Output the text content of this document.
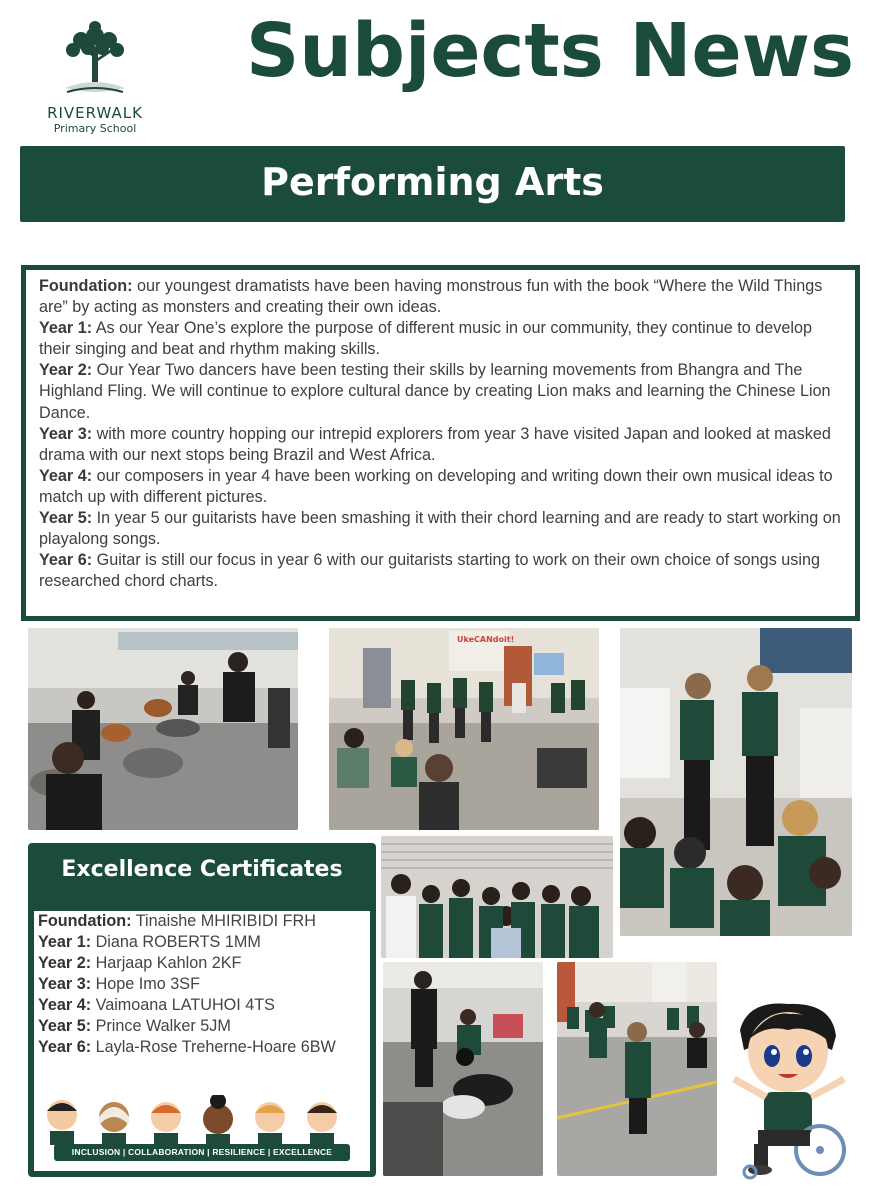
RIVERWALK
Primary School
Subjects News
Performing Arts

Foundation: our youngest dramatists have been having monstrous fun with the book “Where the Wild Things are” by acting as monsters and creating their own ideas.

Year 1: As our Year One’s explore the purpose of different music in our community, they continue to develop their singing and beat and rhythm making skills.

Year 2: Our Year Two dancers have been testing their skills by learning movements from Bhangra and The Highland Fling. We will continue to explore cultural dance by creating Lion maks and learning the Chinese Lion Dance.

Year 3: with more country hopping our intrepid explorers from year 3 have visited Japan and looked at masked drama with our next stops being Brazil and West Africa.

Year 4: our composers in year 4 have been working on developing and writing down their own musical ideas to match up with different pictures.

Year 5: In year 5 our guitarists have been smashing it with their chord learning and are ready to start working on playalong songs.

Year 6: Guitar is still our focus in year 6 with our guitarists starting to work on their own choice of songs using researched chord charts.

UkeCANdoit!
Excellence Certificates

Foundation: Tinaishe MHIRIBIDI FRH

Year 1: Diana ROBERTS 1MM

Year 2: Harjaap Kahlon 2KF

Year 3: Hope Imo 3SF

Year 4: Vaimoana LATUHOI 4TS

Year 5: Prince Walker 5JM

Year 6: Layla-Rose Treherne-Hoare 6BW

INCLUSION | COLLABORATION | RESILIENCE | EXCELLENCE
